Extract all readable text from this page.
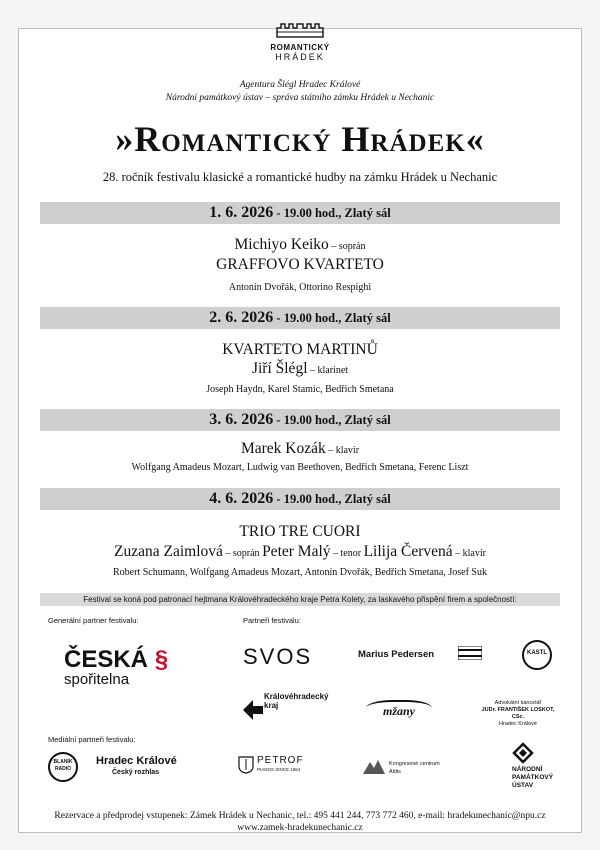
ROMANTICKÝ
HRÁDEK
Agentura Šlégl Hradec Králové
Národní památkový ústav – správa státního zámku Hrádek u Nechanic
»Romantický Hrádek«
28. ročník festivalu klasické a romantické hudby na zámku Hrádek u Nechanic
1. 6. 2026 - 19.00 hod., Zlatý sál
Michiyo Keiko – soprán
GRAFFOVO KVARTETO
Antonín Dvořák, Ottorino Respighi
2. 6. 2026 - 19.00 hod., Zlatý sál
KVARTETO MARTINŮ
Jiří Šlégl – klarinet
Joseph Haydn, Karel Stamic, Bedřich Smetana
3. 6. 2026 - 19.00 hod., Zlatý sál
Marek Kozák – klavír
Wolfgang Amadeus Mozart, Ludwig van Beethoven, Bedřich Smetana, Ferenc Liszt
4. 6. 2026 - 19.00 hod., Zlatý sál
TRIO TRE CUORI
Zuzana Zaimlová – soprán Peter Malý – tenor Lilija Červená – klavír
Robert Schumann, Wolfgang Amadeus Mozart, Antonín Dvořák, Bedřich Smetana, Josef Suk
Festival se koná pod patronací hejtmana Královéhradeckého kraje Petra Kolety, za laskavého přispění firem a společností:
Generální partner festivalu:	Partneři festivalu:
Mediální partneři festivalu:
ČESKÁ §
spořitelna
SVOS	Marius Pedersen	KASTL
Královéhradecký
kraj	mžany
Advokátní kancelář
JUDr. FRANTIŠEK LOSKOT, CSc.
Hradec Králové
BLANÍK
RADIO
Hradec Králové
Český rozhlas
PETROF
PIANOS SINCE 1864
Kongresové centrum
Aldis	NÁRODNÍ
PAMÁTKOVÝ
ÚSTAV
Rezervace a předprodej vstupenek: Zámek Hrádek u Nechanic, tel.: 495 441 244, 773 772 460, e-mail: hradekunechanic@npu.cz
www.zamek-hradekunechanic.cz
